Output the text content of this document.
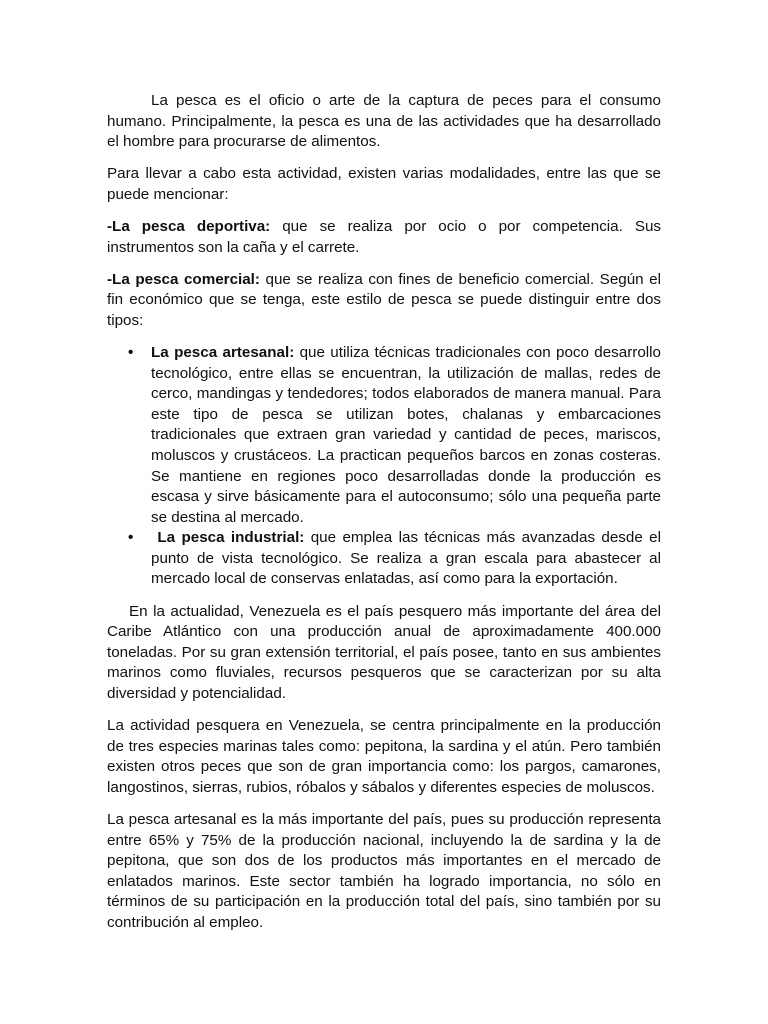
La pesca es el oficio o arte de la captura de peces para el consumo humano. Principalmente, la pesca es una de las actividades que ha desarrollado el hombre para procurarse de alimentos.

Para llevar a cabo esta actividad, existen varias modalidades, entre las que se puede mencionar:

-La pesca deportiva: que se realiza por ocio o por competencia. Sus instrumentos son la caña y el carrete.

-La pesca comercial: que se realiza con fines de beneficio comercial. Según el fin económico que se tenga, este estilo de pesca se puede distinguir entre dos tipos:

• La pesca artesanal: que utiliza técnicas tradicionales con poco desarrollo tecnológico, entre ellas se encuentran, la utilización de mallas, redes de cerco, mandingas y tendedores; todos elaborados de manera manual. Para este tipo de pesca se utilizan botes, chalanas y embarcaciones tradicionales que extraen gran variedad y cantidad de peces, mariscos, moluscos y crustáceos. La practican pequeños barcos en zonas costeras. Se mantiene en regiones poco desarrolladas donde la producción es escasa y sirve básicamente para el autoconsumo; sólo una pequeña parte se destina al mercado.
• La pesca industrial: que emplea las técnicas más avanzadas desde el punto de vista tecnológico. Se realiza a gran escala para abastecer al mercado local de conservas enlatadas, así como para la exportación.

En la actualidad, Venezuela es el país pesquero más importante del área del Caribe Atlántico con una producción anual de aproximadamente 400.000 toneladas. Por su gran extensión territorial, el país posee, tanto en sus ambientes marinos como fluviales, recursos pesqueros que se caracterizan por su alta diversidad y potencialidad.

La actividad pesquera en Venezuela, se centra principalmente en la producción de tres especies marinas tales como: pepitona, la sardina y el atún. Pero también existen otros peces que son de gran importancia como: los pargos, camarones, langostinos, sierras, rubios, róbalos y sábalos y diferentes especies de moluscos.

La pesca artesanal es la más importante del país, pues su producción representa entre 65% y 75% de la producción nacional, incluyendo la de sardina y la de pepitona, que son dos de los productos más importantes en el mercado de enlatados marinos. Este sector también ha logrado importancia, no sólo en términos de su participación en la producción total del país, sino también por su contribución al empleo.
